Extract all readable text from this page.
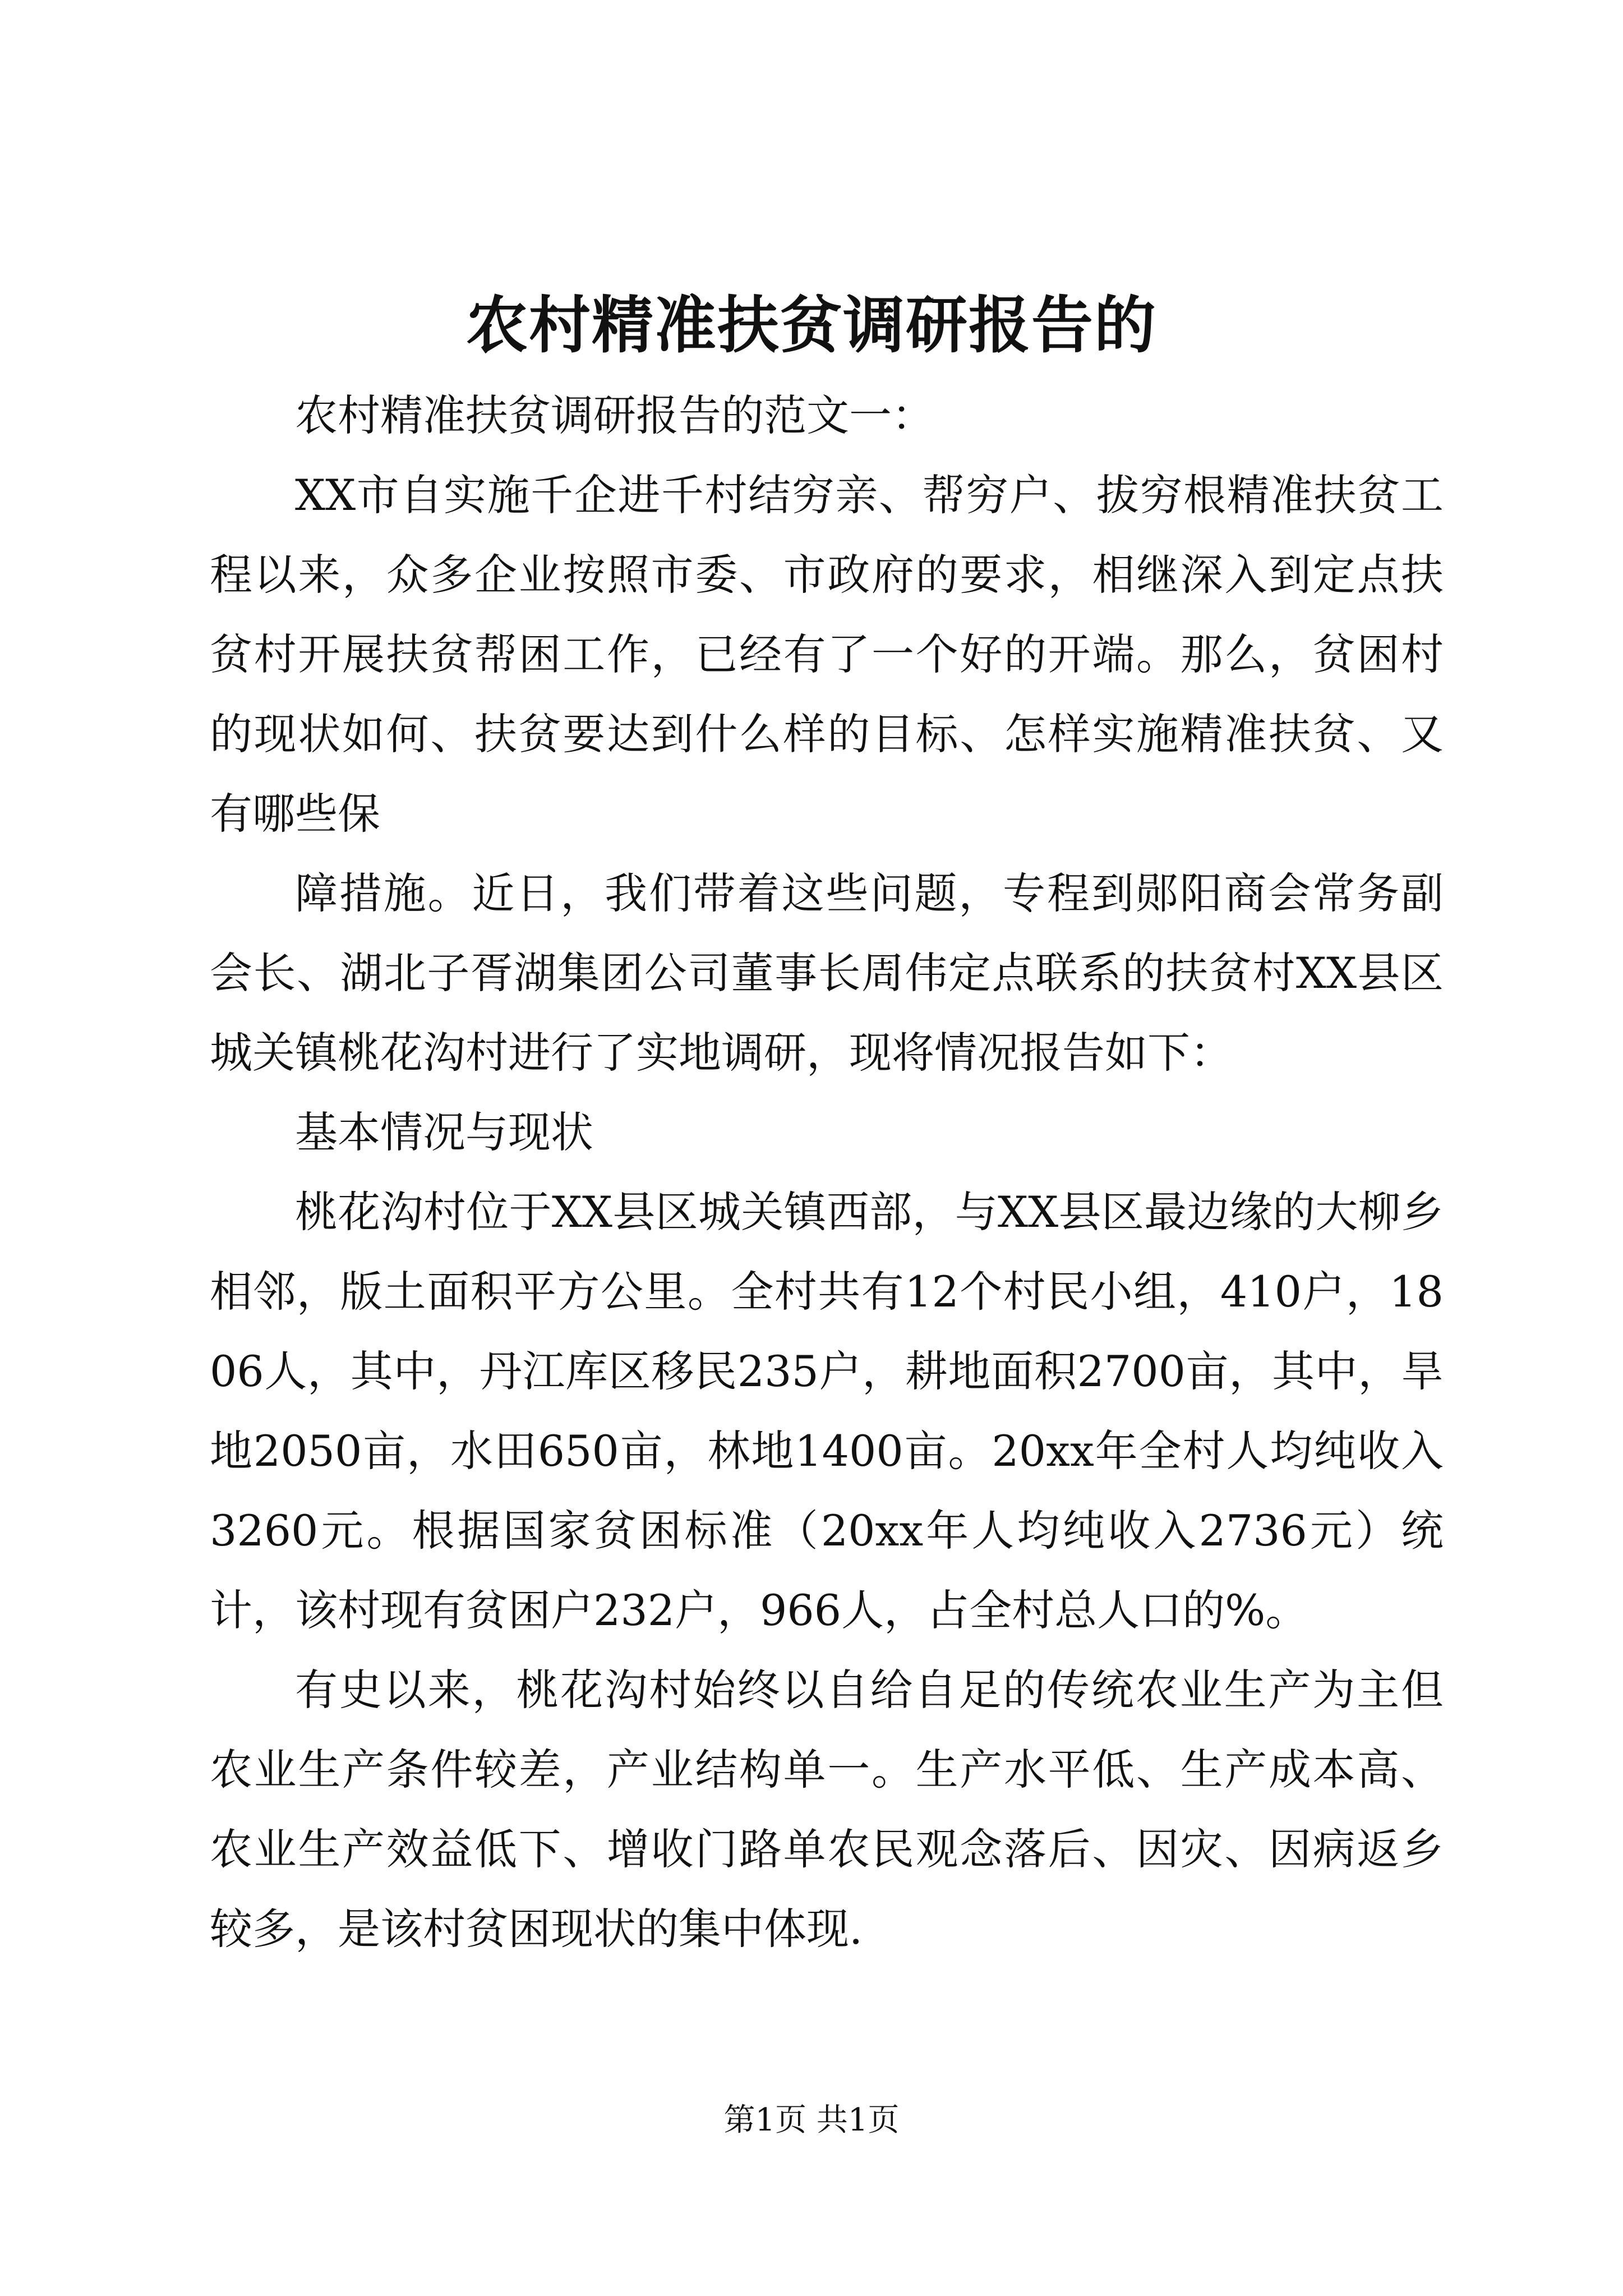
农村精准扶贫调研报告的

农村精准扶贫调研报告的范文一：

XX市自实施千企进千村结穷亲、帮穷户、拔穷根精准扶贫工程以来，众多企业按照市委、市政府的要求，相继深入到定点扶贫村开展扶贫帮困工作，已经有了一个好的开端。那么，贫困村的现状如何、扶贫要达到什么样的目标、怎样实施精准扶贫、又有哪些保

障措施。近日，我们带着这些问题，专程到郧阳商会常务副会长、湖北子胥湖集团公司董事长周伟定点联系的扶贫村XX县区城关镇桃花沟村进行了实地调研，现将情况报告如下：

基本情况与现状

桃花沟村位于XX县区城关镇西部，与XX县区最边缘的大柳乡相邻，版土面积平方公里。全村共有12个村民小组，410户，1806人，其中，丹江库区移民235户，耕地面积2700亩，其中，旱地2050亩，水田650亩，林地1400亩。20xx年全村人均纯收入3260元。根据国家贫困标准（20xx年人均纯收入2736元）统计，该村现有贫困户232户，966人，占全村总人口的%。

有史以来，桃花沟村始终以自给自足的传统农业生产为主但农业生产条件较差，产业结构单一。生产水平低、生产成本高、农业生产效益低下、增收门路单农民观念落后、因灾、因病返乡较多，是该村贫困现状的集中体现.

第1页 共1页
